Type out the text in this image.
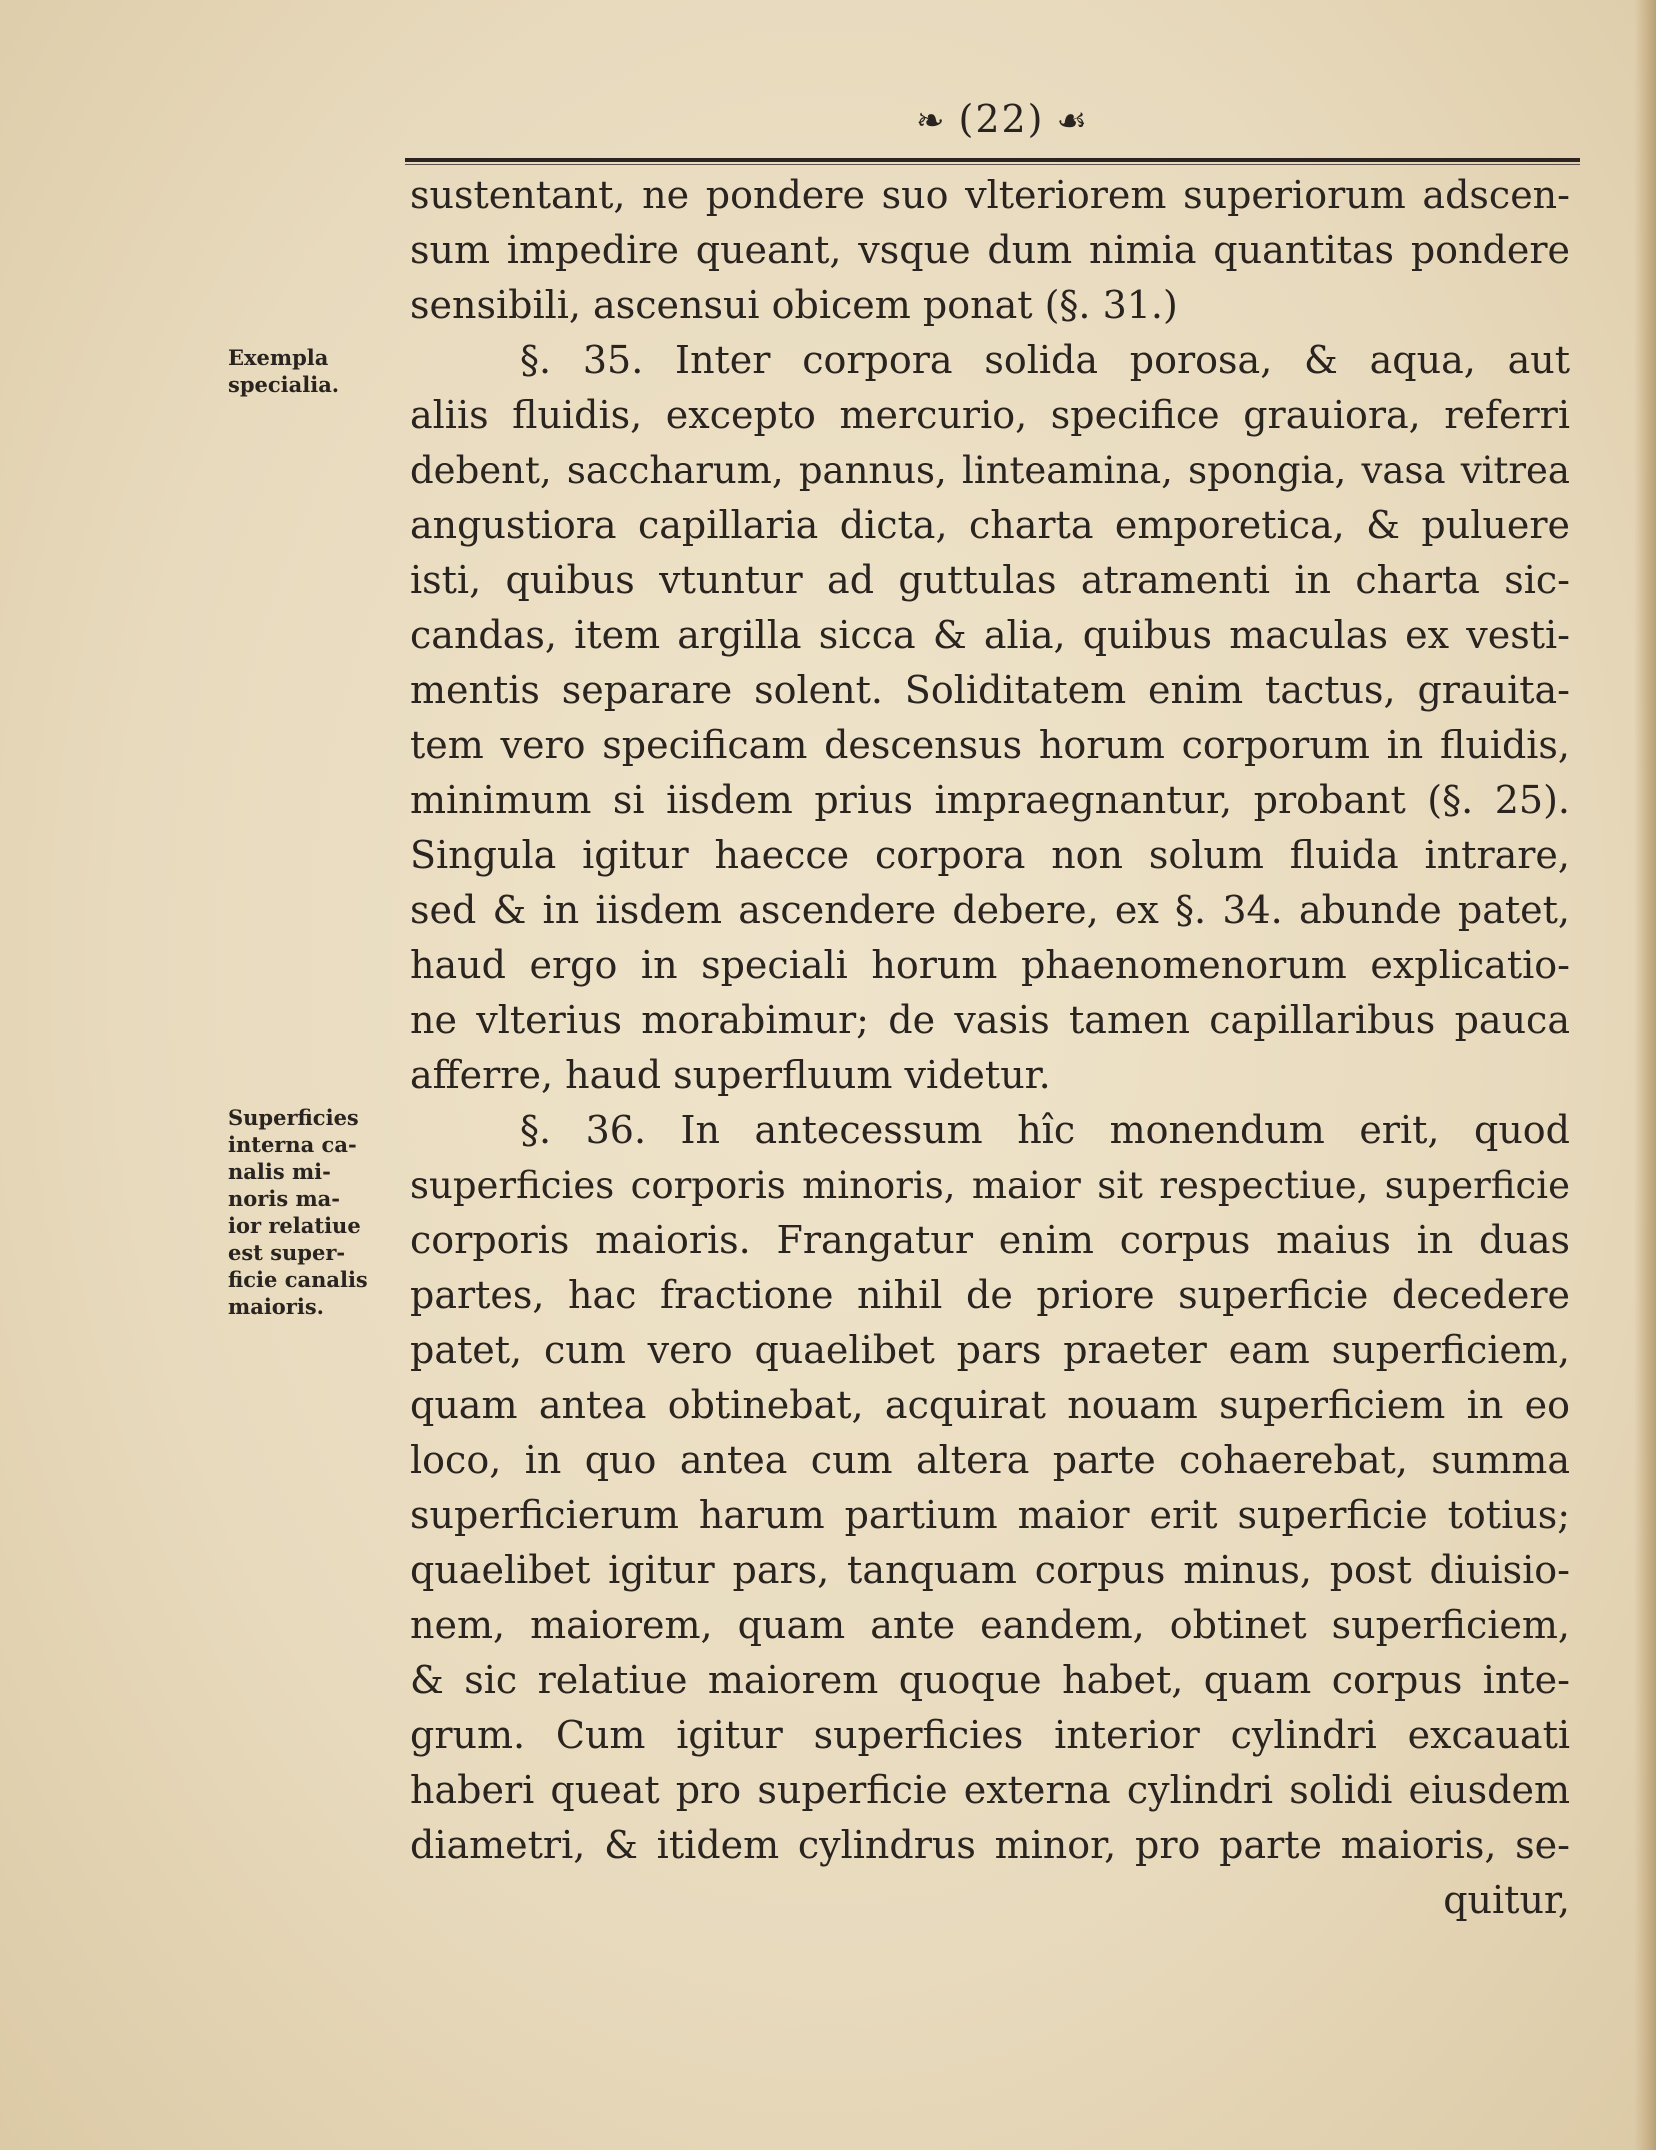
❧ (22) ☙
Exempla
specialia.
Superficies
interna ca-
nalis mi-
noris ma-
ior relatiue
est super-
ficie canalis
maioris.
sustentant, ne pondere suo vlteriorem superiorum adscen-
sum impedire queant, vsque dum nimia quantitas pondere
sensibili, ascensui obicem ponat (§. 31.)
§. 35. Inter corpora solida porosa, & aqua, aut
aliis fluidis, excepto mercurio, specifice grauiora, referri
debent, saccharum, pannus, linteamina, spongia, vasa vitrea
angustiora capillaria dicta, charta emporetica, & puluere
isti, quibus vtuntur ad guttulas atramenti in charta sic-
candas, item argilla sicca & alia, quibus maculas ex vesti-
mentis separare solent. Soliditatem enim tactus, grauita-
tem vero specificam descensus horum corporum in fluidis,
minimum si iisdem prius impraegnantur, probant (§. 25).
Singula igitur haecce corpora non solum fluida intrare,
sed & in iisdem ascendere debere, ex §. 34. abunde patet,
haud ergo in speciali horum phaenomenorum explicatio-
ne vlterius morabimur; de vasis tamen capillaribus pauca
afferre, haud superfluum videtur.
§. 36. In antecessum hîc monendum erit, quod
superficies corporis minoris, maior sit respectiue, superficie
corporis maioris. Frangatur enim corpus maius in duas
partes, hac fractione nihil de priore superficie decedere
patet, cum vero quaelibet pars praeter eam superficiem,
quam antea obtinebat, acquirat nouam superficiem in eo
loco, in quo antea cum altera parte cohaerebat, summa
superficierum harum partium maior erit superficie totius;
quaelibet igitur pars, tanquam corpus minus, post diuisio-
nem, maiorem, quam ante eandem, obtinet superficiem,
& sic relatiue maiorem quoque habet, quam corpus inte-
grum. Cum igitur superficies interior cylindri excauati
haberi queat pro superficie externa cylindri solidi eiusdem
diametri, & itidem cylindrus minor, pro parte maioris, se-
quitur,
